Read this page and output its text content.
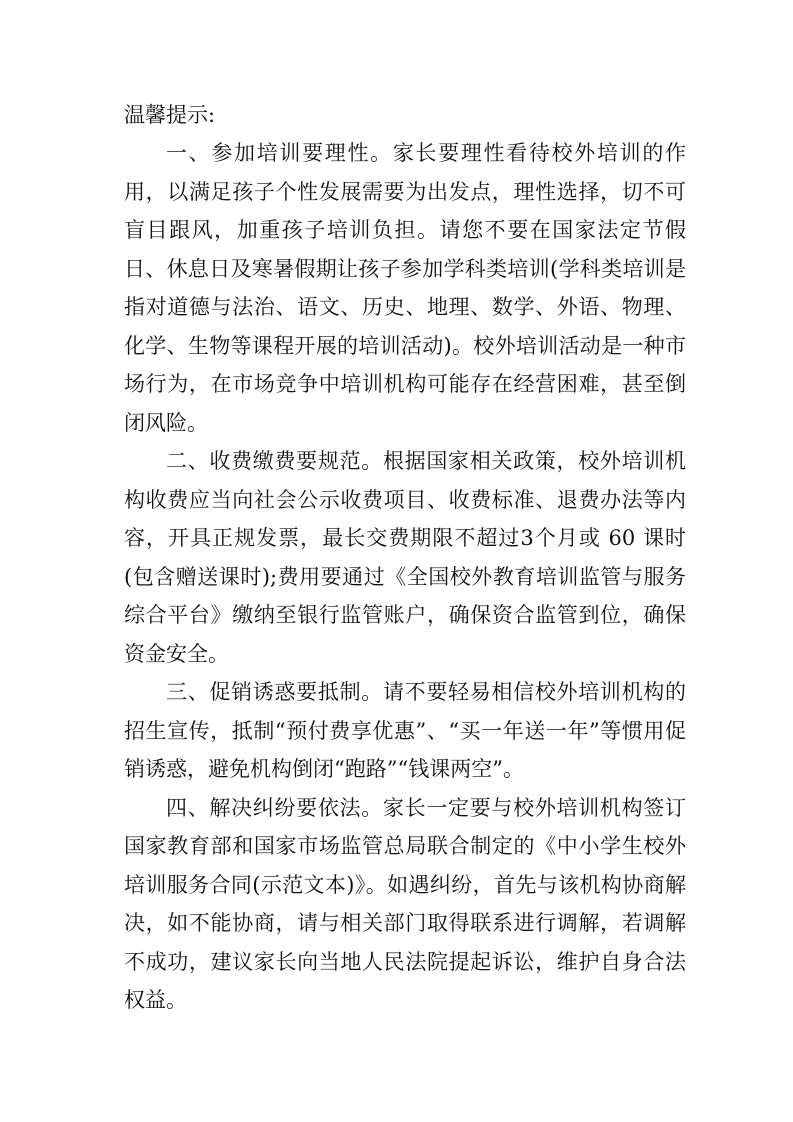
温馨提示:

一、参加培训要理性。家长要理性看待校外培训的作用，以满足孩子个性发展需要为出发点，理性选择，切不可盲目跟风，加重孩子培训负担。请您不要在国家法定节假日、休息日及寒暑假期让孩子参加学科类培训(学科类培训是指对道德与法治、语文、历史、地理、数学、外语、物理、化学、生物等课程开展的培训活动)。校外培训活动是一种市场行为，在市场竞争中培训机构可能存在经营困难，甚至倒闭风险。

二、收费缴费要规范。根据国家相关政策，校外培训机构收费应当向社会公示收费项目、收费标准、退费办法等内容，开具正规发票，最长交费期限不超过3个月或 60 课时(包含赠送课时);费用要通过《全国校外教育培训监管与服务综合平台》缴纳至银行监管账户，确保资合监管到位，确保资金安全。

三、促销诱惑要抵制。请不要轻易相信校外培训机构的招生宣传，抵制“预付费享优惠”、“买一年送一年”等惯用促销诱惑，避免机构倒闭“跑路”“钱课两空”。

四、解决纠纷要依法。家长一定要与校外培训机构签订国家教育部和国家市场监管总局联合制定的《中小学生校外培训服务合同(示范文本)》。如遇纠纷，首先与该机构协商解决，如不能协商，请与相关部门取得联系进行调解，若调解不成功，建议家长向当地人民法院提起诉讼，维护自身合法权益。
